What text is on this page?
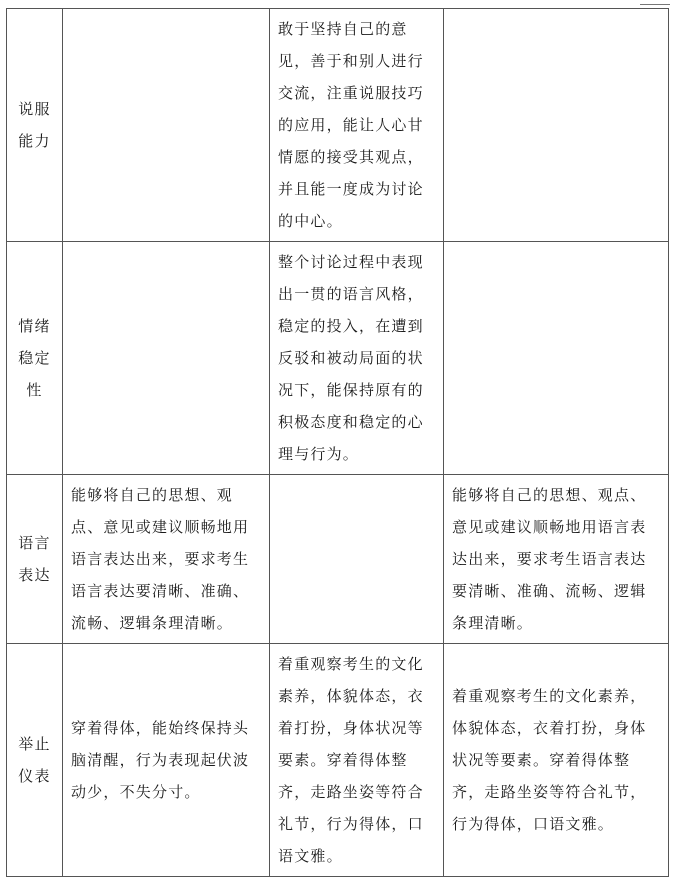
说服
能力		敢于坚持自己的意见，善于和别人进行交流，注重说服技巧的应用，能让人心甘情愿的接受其观点，并且能一度成为讨论的中心。	

情绪
稳定性		整个讨论过程中表现出一贯的语言风格，稳定的投入，在遭到反驳和被动局面的状况下，能保持原有的积极态度和稳定的心理与行为。	

语言
表达	能够将自己的思想、观点、意见或建议顺畅地用语言表达出来，要求考生语言表达要清晰、准确、流畅、逻辑条理清晰。		能够将自己的思想、观点、意见或建议顺畅地用语言表达出来，要求考生语言表达要清晰、准确、流畅、逻辑条理清晰。

举止
仪表	穿着得体，能始终保持头脑清醒，行为表现起伏波动少，不失分寸。	着重观察考生的文化素养，体貌体态，衣着打扮，身体状况等要素。穿着得体整齐，走路坐姿等符合礼节，行为得体，口语文雅。	着重观察考生的文化素养，体貌体态，衣着打扮，身体状况等要素。穿着得体整齐，走路坐姿等符合礼节，行为得体，口语文雅。
